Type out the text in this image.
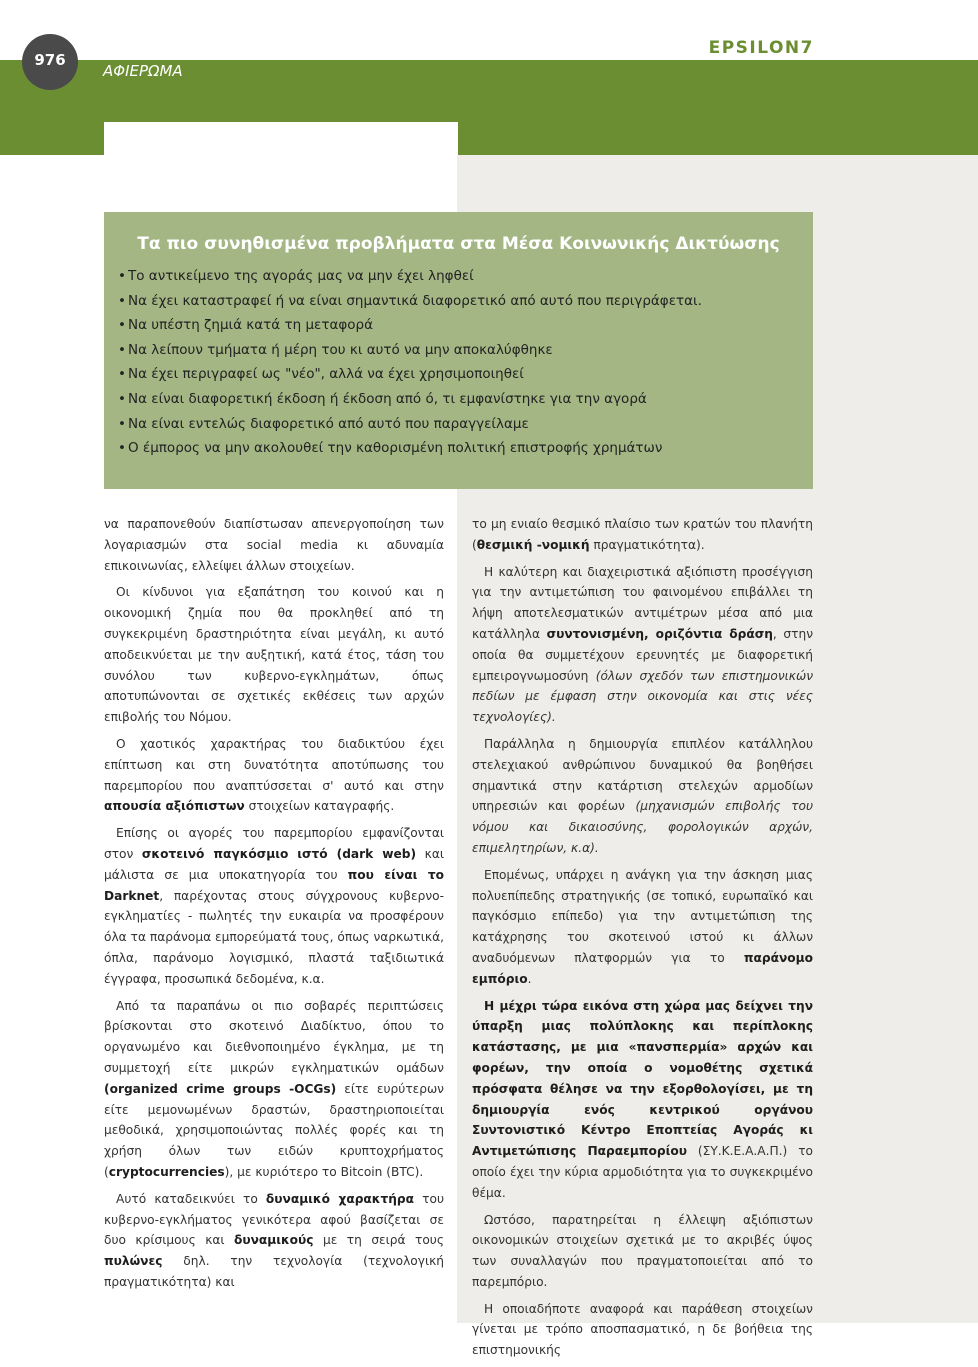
976
ΑΦΙΕΡΩΜΑ
EPSILON7
Τα πιο συνηθισμένα προβλήματα στα Μέσα Κοινωνικής Δικτύωσης
• Το αντικείμενο της αγοράς μας να μην έχει ληφθεί
• Να έχει καταστραφεί ή να είναι σημαντικά διαφορετικό από αυτό που περιγράφεται.
• Να υπέστη ζημιά κατά τη μεταφορά
• Να λείπουν τμήματα ή μέρη του κι αυτό να μην αποκαλύφθηκε
• Να έχει περιγραφεί ως "νέο", αλλά να έχει χρησιμοποιηθεί
• Να είναι διαφορετική έκδοση ή έκδοση από ό, τι εμφανίστηκε για την αγορά
• Να είναι εντελώς διαφορετικό από αυτό που παραγγείλαμε
• Ο έμπορος να μην ακολουθεί την καθορισμένη πολιτική επιστροφής χρημάτων

να παραπονεθούν διαπίστωσαν απενεργοποίηση των λογαριασμών στα social media κι αδυναμία επικοινωνίας, ελλείψει άλλων στοιχείων.

Οι κίνδυνοι για εξαπάτηση του κοινού και η οικονομική ζημία που θα προκληθεί από τη συγκεκριμένη δραστηριότητα είναι μεγάλη, κι αυτό αποδεικνύεται με την αυξητική, κατά έτος, τάση του συνόλου των κυβερνο-εγκλημάτων, όπως αποτυπώνονται σε σχετικές εκθέσεις των αρχών επιβολής του Νόμου.

Ο χαοτικός χαρακτήρας του διαδικτύου έχει επίπτωση και στη δυνατότητα αποτύπωσης του παρεμπορίου που αναπτύσσεται σ' αυτό και στην απουσία αξιόπιστων στοιχείων καταγραφής.

Επίσης οι αγορές του παρεμπορίου εμφανίζονται στον σκοτεινό παγκόσμιο ιστό (dark web) και μάλιστα σε μια υποκατηγορία του που είναι το Darknet, παρέχοντας στους σύγχρονους κυβερνο- εγκληματίες - πωλητές την ευκαιρία να προσφέρουν όλα τα παράνομα εμπορεύματά τους, όπως ναρκωτικά, όπλα, παράνομο λογισμικό, πλαστά ταξιδιωτικά έγγραφα, προσωπικά δεδομένα, κ.α.

Από τα παραπάνω οι πιο σοβαρές περιπτώσεις βρίσκονται στο σκοτεινό Διαδίκτυο, όπου το οργανωμένο και διεθνοποιημένο έγκλημα, με τη συμμετοχή είτε μικρών εγκληματικών ομάδων (organized crime groups -OCGs) είτε ευρύτερων είτε μεμονωμένων δραστών, δραστηριοποιείται μεθοδικά, χρησιμοποιώντας πολλές φορές και τη χρήση όλων των ειδών κρυπτοχρήματος (cryptocurrencies), με κυριότερο το Bitcoin (BTC).

Αυτό καταδεικνύει το δυναμικό χαρακτήρα του κυβερνο-εγκλήματος γενικότερα αφού βασίζεται σε δυο κρίσιμους και δυναμικούς με τη σειρά τους πυλώνες δηλ. την τεχνολογία (τεχνολογική πραγματικότητα) και

το μη ενιαίο θεσμικό πλαίσιο των κρατών του πλανήτη (θεσμική -νομική πραγματικότητα).

Η καλύτερη και διαχειριστικά αξιόπιστη προσέγγιση για την αντιμετώπιση του φαινομένου επιβάλλει τη λήψη αποτελεσματικών αντιμέτρων μέσα από μια κατάλληλα συντονισμένη, οριζόντια δράση, στην οποία θα συμμετέχουν ερευνητές με διαφορετική εμπειρογνωμοσύνη (όλων σχεδόν των επιστημονικών πεδίων με έμφαση στην οικονομία και στις νέες τεχνολογίες).

Παράλληλα η δημιουργία επιπλέον κατάλληλου στελεχιακού ανθρώπινου δυναμικού θα βοηθήσει σημαντικά στην κατάρτιση στελεχών αρμοδίων υπηρεσιών και φορέων (μηχανισμών επιβολής του νόμου και δικαιοσύνης, φορολογικών αρχών, επιμελητηρίων, κ.α).

Επομένως, υπάρχει η ανάγκη για την άσκηση μιας πολυεπίπεδης στρατηγικής (σε τοπικό, ευρωπαϊκό και παγκόσμιο επίπεδο) για την αντιμετώπιση της κατάχρησης του σκοτεινού ιστού κι άλλων αναδυόμενων πλατφορμών για το παράνομο εμπόριο.

Η μέχρι τώρα εικόνα στη χώρα μας δείχνει την ύπαρξη μιας πολύπλοκης και περίπλοκης κατάστασης, με μια «πανσπερμία» αρχών και φορέων, την οποία ο νομοθέτης σχετικά πρόσφατα θέλησε να την εξορθολογίσει, με τη δημιουργία ενός κεντρικού οργάνου Συντονιστικό Κέντρο Εποπτείας Αγοράς κι Αντιμετώπισης Παραεμπορίου (ΣΥ.Κ.Ε.Α.Α.Π.) το οποίο έχει την κύρια αρμοδιότητα για το συγκεκριμένο θέμα.

Ωστόσο, παρατηρείται η έλλειψη αξιόπιστων οικονομικών στοιχείων σχετικά με το ακριβές ύψος των συναλλαγών που πραγματοποιείται από το παρεμπόριο.

Η οποιαδήποτε αναφορά και παράθεση στοιχείων γίνεται με τρόπο αποσπασματικό, η δε βοήθεια της επιστημονικής
